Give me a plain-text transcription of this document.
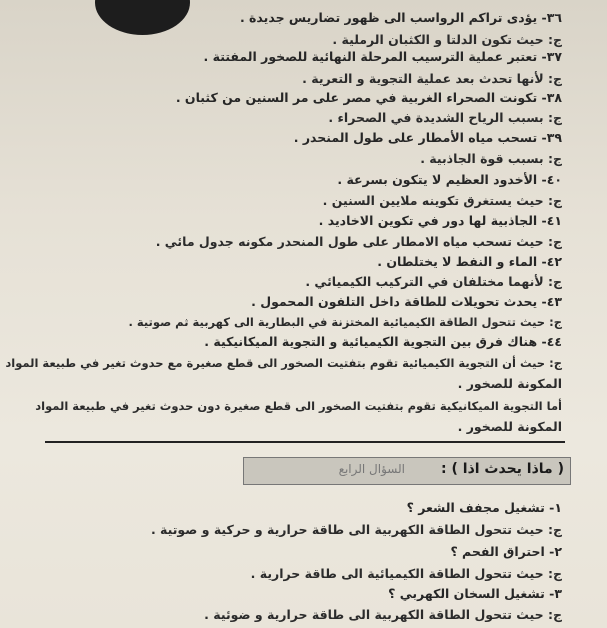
٣٦- يؤدى تراكم الرواسب الى ظهور تضاريس جديدة .
ج: حيث تكون الدلتا و الكثبان الرملية .
٣٧- تعتبر عملية الترسيب المرحلة النهائية للصخور المفتتة .
ج: لأنها تحدث بعد عملية التجوية و التعرية .
٣٨- تكونت الصحراء الغربية في مصر على مر السنين من كثبان .
ج: بسبب الرياح الشديدة في الصحراء .
٣٩- تسحب مياه الأمطار على طول المنحدر .
ج: بسبب قوة الجاذبية .
٤٠- الأخدود العظيم لا يتكون بسرعة .
ج: حيث يستغرق تكوينه ملايين السنين .
٤١- الجاذبية لها دور في تكوين الاخاديد .
ج: حيث تسحب مياه الامطار على طول المنحدر مكونه جدول مائي .
٤٢- الماء و النفط لا يختلطان .
ج: لأنهما مختلفان في التركيب الكيميائي .
٤٣- يحدث تحويلات للطاقة داخل التلفون المحمول .
ج: حيث تتحول الطاقة الكيميائية المختزنة في البطارية الى كهربية ثم صوتية .
٤٤- هناك فرق بين التجوية الكيميائية و التجوية الميكانيكية .
ج: حيث أن التجوية الكيميائية تقوم بتفتيت الصخور الى قطع صغيرة مع حدوث تغير في طبيعة المواد
المكونة للصخور .
أما التجوية الميكانيكية تقوم بتفتيت الصخور الى قطع صغيرة دون حدوث تغير في طبيعة المواد
المكونة للصخور .
السؤال الرابع	( ماذا يحدث اذا ) :
١- تشغيل مجفف الشعر ؟
ج: حيث تتحول الطاقة الكهربية الى طاقة حرارية و حركية و صوتية .
٢- احتراق الفحم ؟
ج: حيث تتحول الطاقة الكيميائية الى طاقة حرارية .
٣- تشغيل السخان الكهربي ؟
ج: حيث تتحول الطاقة الكهربية الى طاقة حرارية و ضوئية .
